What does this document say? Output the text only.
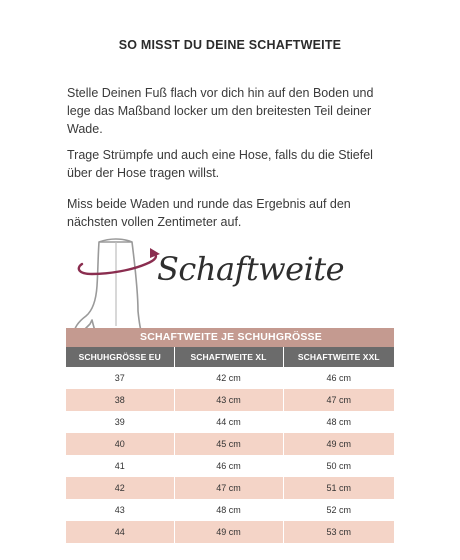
SO MISST DU DEINE SCHAFTWEITE
Stelle Deinen Fuß flach vor dich hin auf den Boden und lege das Maßband locker um den breitesten Teil deiner Wade.
Trage Strümpfe und auch eine Hose, falls du die Stiefel über der Hose tragen willst.
Miss beide Waden und runde das Ergebnis auf den nächsten vollen Zentimeter auf.
Schaftweite
SCHAFTWEITE JE SCHUHGRÖSSE
SCHUHGRÖSSE EU	SCHAFTWEITE XL	SCHAFTWEITE XXL
37	42 cm	46 cm
38	43 cm	47 cm
39	44 cm	48 cm
40	45 cm	49 cm
41	46 cm	50 cm
42	47 cm	51 cm
43	48 cm	52 cm
44	49 cm	53 cm
